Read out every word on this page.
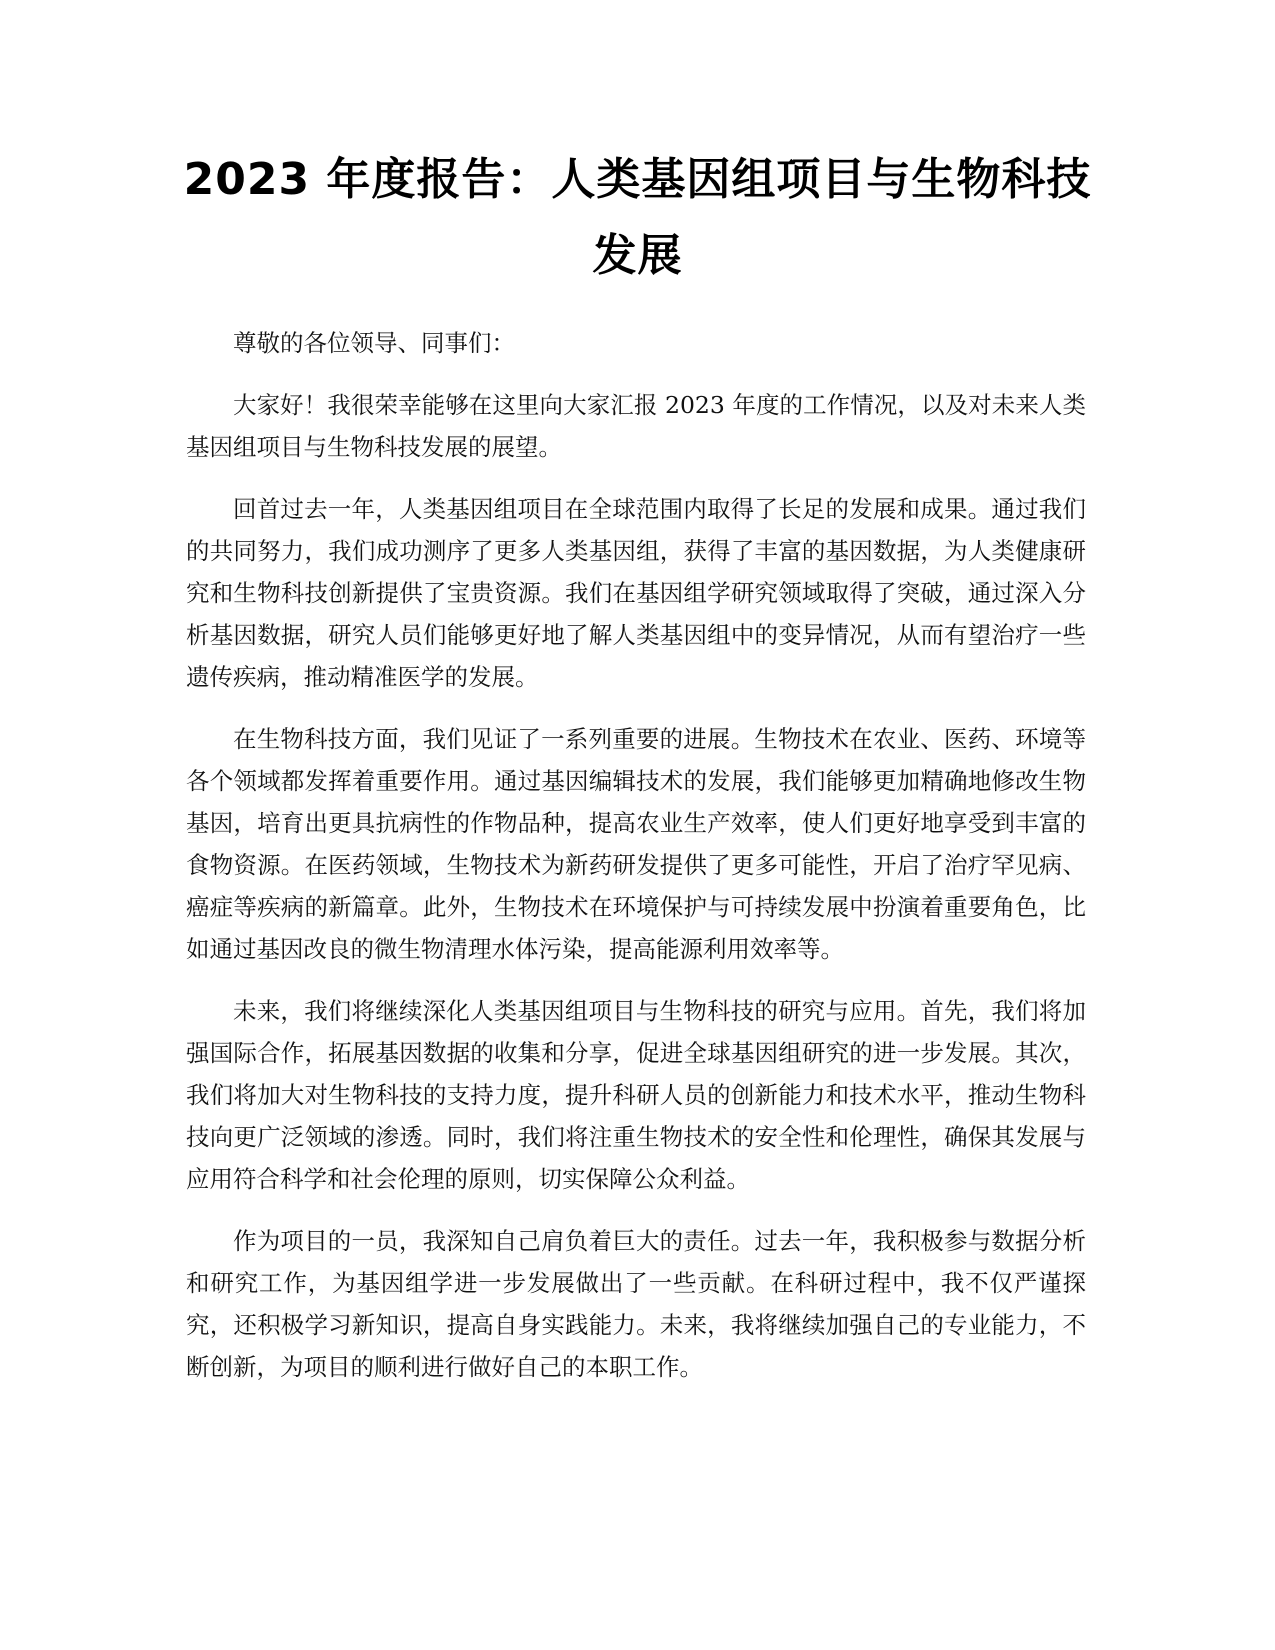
2023 年度报告：人类基因组项目与生物科技
发展

尊敬的各位领导、同事们：

大家好！我很荣幸能够在这里向大家汇报 2023 年度的工作情况，以及对未来人类基因组项目与生物科技发展的展望。

回首过去一年，人类基因组项目在全球范围内取得了长足的发展和成果。通过我们的共同努力，我们成功测序了更多人类基因组，获得了丰富的基因数据，为人类健康研究和生物科技创新提供了宝贵资源。我们在基因组学研究领域取得了突破，通过深入分析基因数据，研究人员们能够更好地了解人类基因组中的变异情况，从而有望治疗一些遗传疾病，推动精准医学的发展。

在生物科技方面，我们见证了一系列重要的进展。生物技术在农业、医药、环境等各个领域都发挥着重要作用。通过基因编辑技术的发展，我们能够更加精确地修改生物基因，培育出更具抗病性的作物品种，提高农业生产效率，使人们更好地享受到丰富的食物资源。在医药领域，生物技术为新药研发提供了更多可能性，开启了治疗罕见病、癌症等疾病的新篇章。此外，生物技术在环境保护与可持续发展中扮演着重要角色，比如通过基因改良的微生物清理水体污染，提高能源利用效率等。

未来，我们将继续深化人类基因组项目与生物科技的研究与应用。首先，我们将加强国际合作，拓展基因数据的收集和分享，促进全球基因组研究的进一步发展。其次，我们将加大对生物科技的支持力度，提升科研人员的创新能力和技术水平，推动生物科技向更广泛领域的渗透。同时，我们将注重生物技术的安全性和伦理性，确保其发展与应用符合科学和社会伦理的原则，切实保障公众利益。

作为项目的一员，我深知自己肩负着巨大的责任。过去一年，我积极参与数据分析和研究工作，为基因组学进一步发展做出了一些贡献。在科研过程中，我不仅严谨探究，还积极学习新知识，提高自身实践能力。未来，我将继续加强自己的专业能力，不断创新，为项目的顺利进行做好自己的本职工作。
